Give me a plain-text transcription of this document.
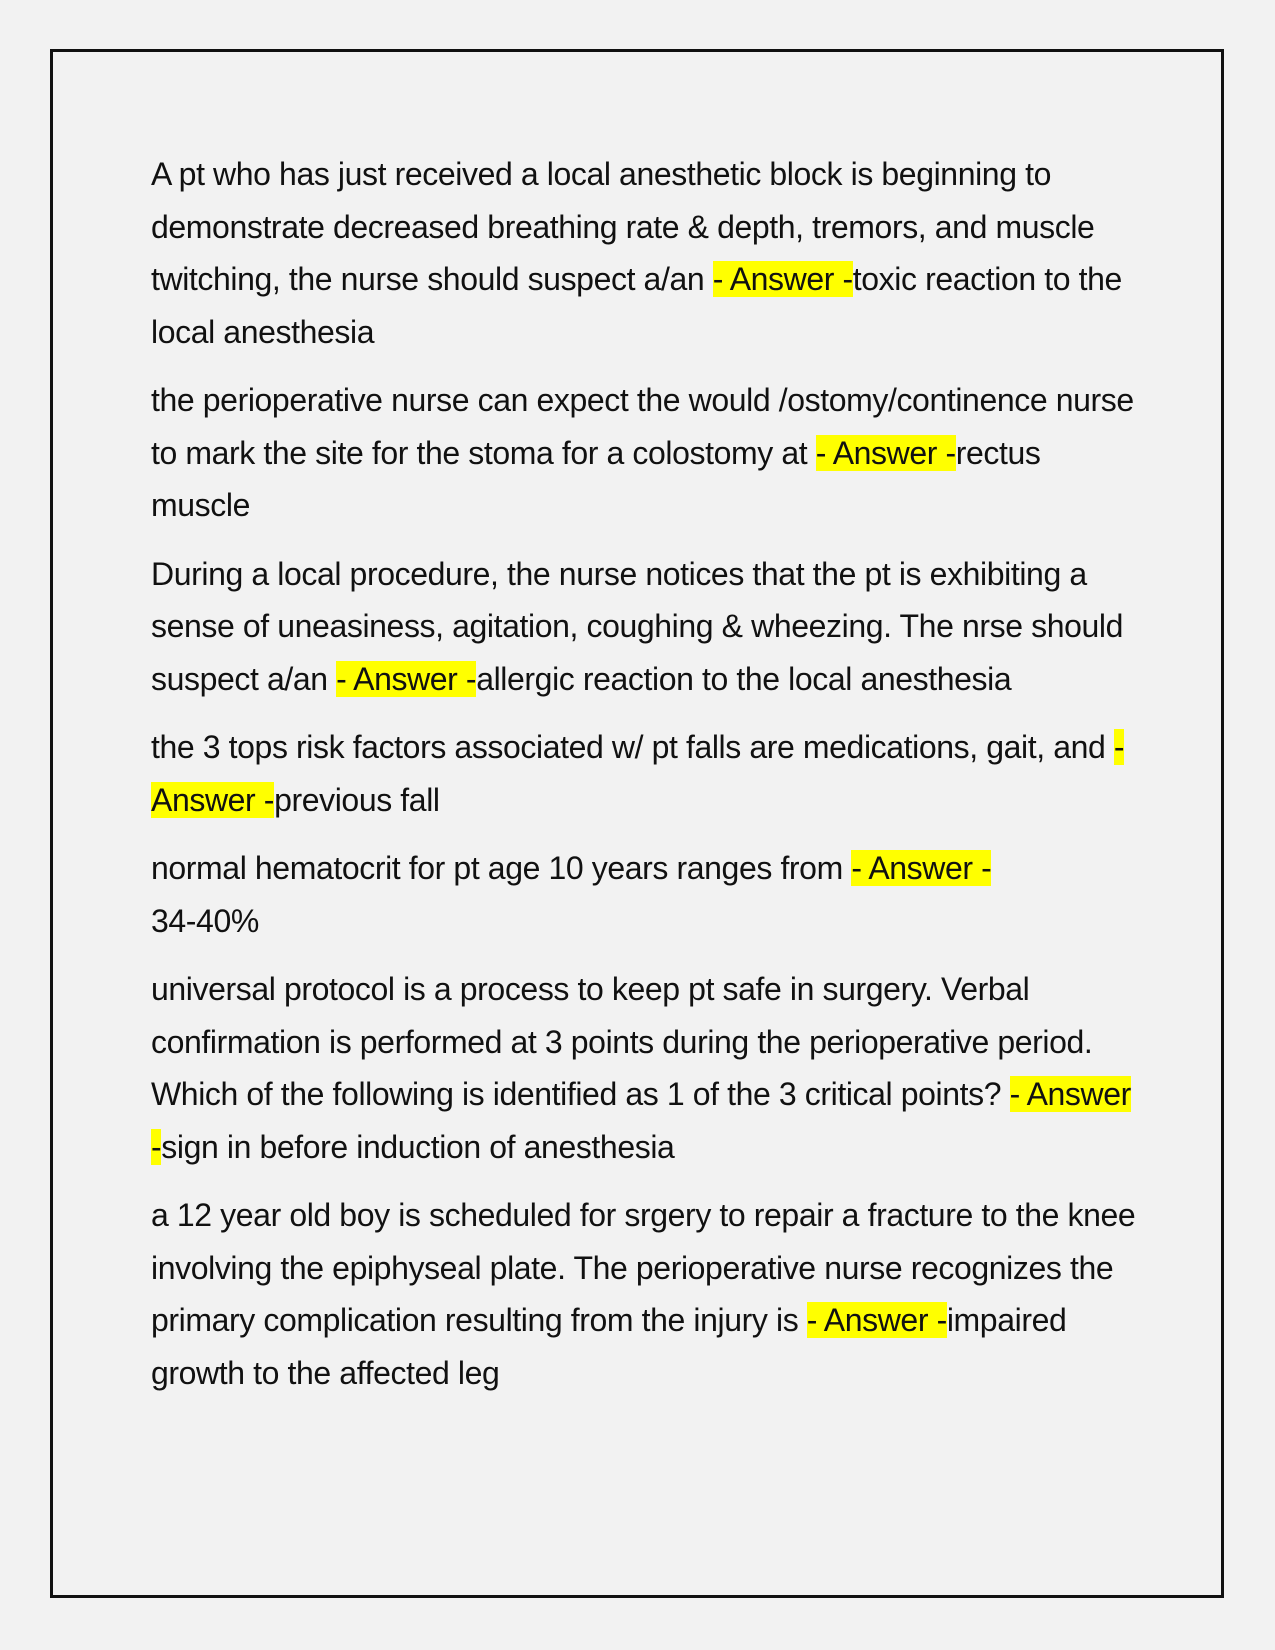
A pt who has just received a local anesthetic block is beginning to demonstrate decreased breathing rate & depth, tremors, and muscle twitching, the nurse should suspect a/an - Answer -toxic reaction to the local anesthesia

the perioperative nurse can expect the would /ostomy/continence nurse to mark the site for the stoma for a colostomy at - Answer -rectus muscle

During a local procedure, the nurse notices that the pt is exhibiting a sense of uneasiness, agitation, coughing & wheezing. The nrse should suspect a/an - Answer -allergic reaction to the local anesthesia

the 3 tops risk factors associated w/ pt falls are medications, gait, and - Answer -previous fall

normal hematocrit for pt age 10 years ranges from - Answer -
34-40%

universal protocol is a process to keep pt safe in surgery. Verbal confirmation is performed at 3 points during the perioperative period. Which of the following is identified as 1 of the 3 critical points? - Answer -sign in before induction of anesthesia

a 12 year old boy is scheduled for srgery to repair a fracture to the knee involving the epiphyseal plate. The perioperative nurse recognizes the primary complication resulting from the injury is - Answer -impaired growth to the affected leg
